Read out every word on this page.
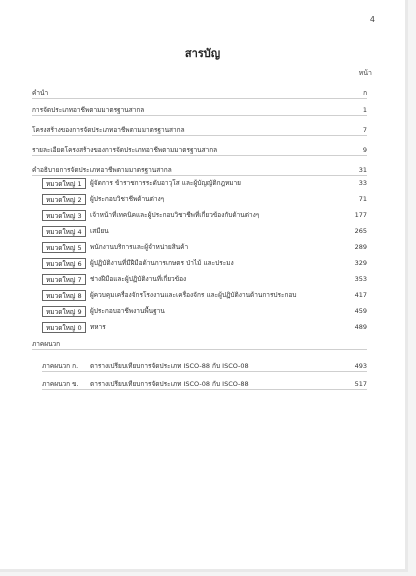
4
สารบัญ
หน้า
คำนำ	ก
การจัดประเภทอาชีพตามมาตรฐานสากล	1
โครงสร้างของการจัดประเภทอาชีพตามมาตรฐานสากล	7
รายละเอียดโครงสร้างของการจัดประเภทอาชีพตามมาตรฐานสากล	9
คำอธิบายการจัดประเภทอาชีพตามมาตรฐานสากล	31
หมวดใหญ่ 1 ผู้จัดการ ข้าราชการระดับอาวุโส และผู้บัญญัติกฎหมาย	33
หมวดใหญ่ 2 ผู้ประกอบวิชาชีพด้านต่างๆ	71
หมวดใหญ่ 3 เจ้าหน้าที่เทคนิคและผู้ประกอบวิชาชีพที่เกี่ยวข้องกับด้านต่างๆ	177
หมวดใหญ่ 4 เสมียน	265
หมวดใหญ่ 5 พนักงานบริการและผู้จำหน่ายสินค้า	289
หมวดใหญ่ 6 ผู้ปฏิบัติงานที่มีฝีมือด้านการเกษตร ป่าไม้ และประมง	329
หมวดใหญ่ 7 ช่างฝีมือและผู้ปฏิบัติงานที่เกี่ยวข้อง	353
หมวดใหญ่ 8 ผู้ควบคุมเครื่องจักรโรงงานและเครื่องจักร และผู้ปฏิบัติงานด้านการประกอบ	417
หมวดใหญ่ 9 ผู้ประกอบอาชีพงานพื้นฐาน	459
หมวดใหญ่ 0 ทหาร	489
ภาคผนวก
ภาคผนวก ก. ตารางเปรียบเทียบการจัดประเภท ISCO-88 กับ ISCO-08	493
ภาคผนวก ข. ตารางเปรียบเทียบการจัดประเภท ISCO-08 กับ ISCO-88	517
